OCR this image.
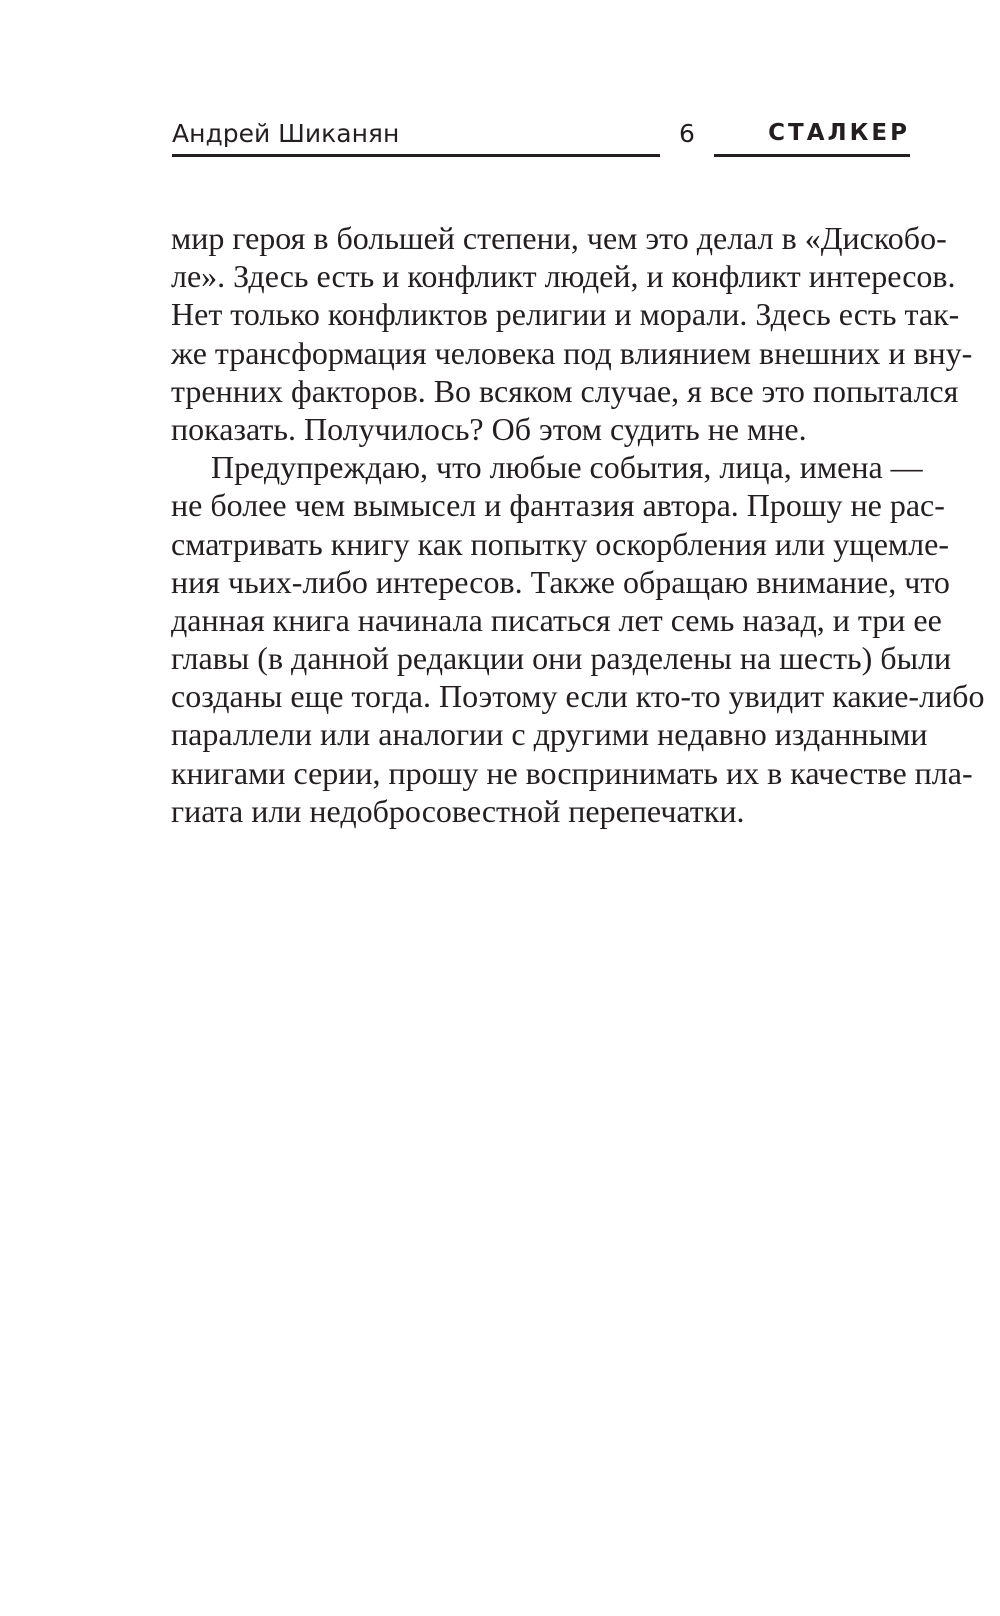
Андрей Шиканян	6	СТАЛКЕР
мир героя в большей степени, чем это делал в «Дискобо-
ле». Здесь есть и конфликт людей, и конфликт интересов.
Нет только конфликтов религии и морали. Здесь есть так-
же трансформация человека под влиянием внешних и вну-
тренних факторов. Во всяком случае, я все это попытался
показать. Получилось? Об этом судить не мне.
Предупреждаю, что любые события, лица, имена —
не более чем вымысел и фантазия автора. Прошу не рас-
сматривать книгу как попытку оскорбления или ущемле-
ния чьих-либо интересов. Также обращаю внимание, что
данная книга начинала писаться лет семь назад, и три ее
главы (в данной редакции они разделены на шесть) были
созданы еще тогда. Поэтому если кто-то увидит какие-либо
параллели или аналогии с другими недавно изданными
книгами серии, прошу не воспринимать их в качестве пла-
гиата или недобросовестной перепечатки.
